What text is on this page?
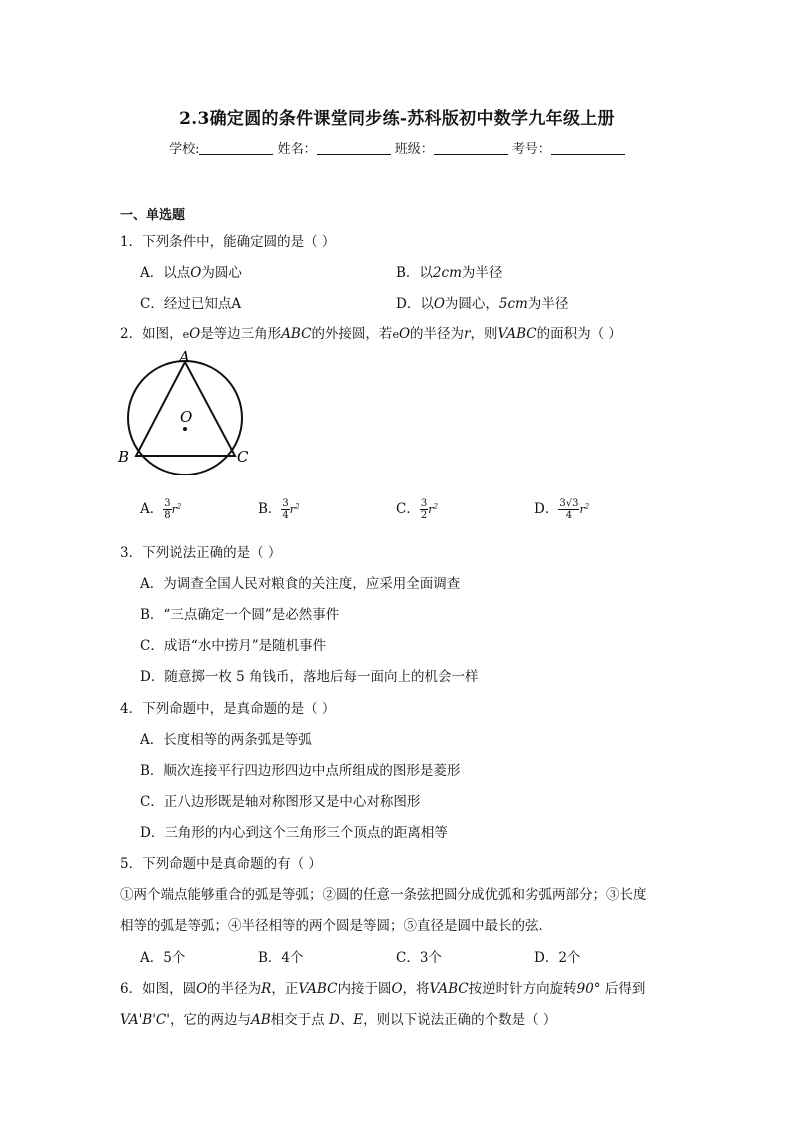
2.3确定圆的条件课堂同步练-苏科版初中数学九年级上册
学校:	姓名：	班级：	考号：
一、单选题
1．下列条件中，能确定圆的是（ ）
A．以点O为圆心	B．以2cm为半径
C．经过已知点A	D．以O为圆心，5cm为半径
2．如图，eO是等边三角形ABC的外接圆，若eO的半径为r，则VABC的面积为（ ）
A
O
B	C
A． $\frac{3}{8} r^2$	B． $\frac{3}{4} r^2$	C． $\frac{3}{2} r^2$	D． $\frac{3√3}{4} r^2$
3．下列说法正确的是（ ）
A．为调查全国人民对粮食的关注度，应采用全面调查
B．“三点确定一个圆”是必然事件
C．成语“水中捞月”是随机事件
D．随意掷一枚 5 角钱币，落地后每一面向上的机会一样
4．下列命题中，是真命题的是（ ）
A．长度相等的两条弧是等弧
B．顺次连接平行四边形四边中点所组成的图形是菱形
C．正八边形既是轴对称图形又是中心对称图形
D．三角形的内心到这个三角形三个顶点的距离相等
5．下列命题中是真命题的有（ ）
①两个端点能够重合的弧是等弧；②圆的任意一条弦把圆分成优弧和劣弧两部分；③长度
相等的弧是等弧；④半径相等的两个圆是等圆；⑤直径是圆中最长的弦．
A．5个	B．4个	C．3个	D．2个
6．如图，圆O的半径为R，正VABC内接于圆O，将VABC按逆时针方向旋转90° 后得到
VA'B'C'，它的两边与AB相交于点 D、E，则以下说法正确的个数是（ ）
